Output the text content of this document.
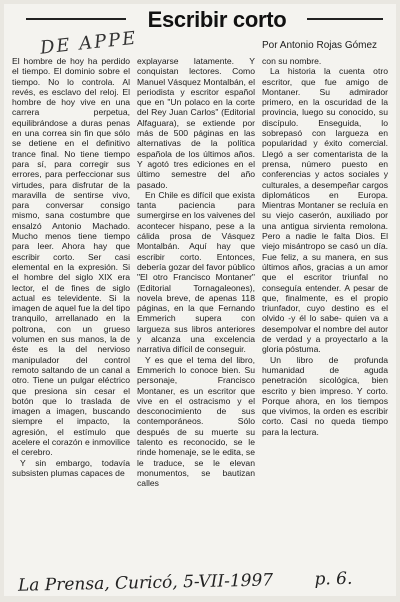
Escribir corto
DE APPE	Por Antonio Rojas Gómez

El hombre de hoy ha perdido el tiempo. El dominio sobre el tiempo. No lo controla. Al revés, es esclavo del reloj. El hombre de hoy vive en una carrera perpetua, equilibrándose a duras penas en una correa sin fin que sólo se detiene en el definitivo trance final. No tiene tiempo para sí, para corregir sus errores, para perfeccionar sus virtudes, para disfrutar de la maravilla de sentirse vivo, para conversar consigo mismo, sana costumbre que ensalzó Antonio Machado. Mucho menos tiene tiempo para leer. Ahora hay que escribir corto. Ser casi elemental en la expresión. Si el hombre del siglo XIX era lector, el de fines de siglo actual es televidente. Si la imagen de aquel fue la del tipo tranquilo, arrellanado en la poltrona, con un grueso volumen en sus manos, la de éste es la del nervioso manipulador del control remoto saltando de un canal a otro. Tiene un pulgar eléctrico que presiona sin cesar el botón que lo traslada de imagen a imagen, buscando siempre el impacto, la agresión, el estímulo que acelere el corazón e inmovilice el cerebro.

Y sin embargo, todavía subsisten plumas capaces de

explayarse latamente. Y conquistan lectores. Como Manuel Vásquez Montalbán, el periodista y escritor español que en "Un polaco en la corte del Rey Juan Carlos" (Editorial Alfaguara), se extiende por más de 500 páginas en las alternativas de la política española de los últimos años. Y agotó tres ediciones en el último semestre del año pasado.

En Chile es difícil que exista tanta paciencia para sumergirse en los vaivenes del acontecer hispano, pese a la cálida prosa de Vásquez Montalbán. Aquí hay que escribir corto. Entonces, debería gozar del favor público "El otro Francisco Montaner" (Editorial Tornagaleones), novela breve, de apenas 118 páginas, en la que Fernando Emmerich supera con largueza sus libros anteriores y alcanza una excelencia narrativa difícil de conseguir.

Y es que el tema del libro, Emmerich lo conoce bien. Su personaje, Francisco Montaner, es un escritor que vive en el ostracismo y el desconocimiento de sus contemporáneos. Sólo después de su muerte su talento es reconocido, se le rinde homenaje, se le edita, se le traduce, se le elevan monumentos, se bautizan calles

con su nombre.

La historia la cuenta otro escritor, que fue amigo de Montaner. Su admirador primero, en la oscuridad de la provincia, luego su conocido, su discípulo. Enseguida, lo sobrepasó con largueza en popularidad y éxito comercial. Llegó a ser comentarista de la prensa, número puesto en conferencias y actos sociales y culturales, a desempeñar cargos diplomáticos en Europa. Mientras Montaner se recluía en su viejo caserón, auxiliado por una antigua sirvienta remolona. Pero a nadie le falta Dios. El viejo misántropo se casó un día. Fue feliz, a su manera, en sus últimos años, gracias a un amor que el escritor triunfal no conseguía entender. A pesar de que, finalmente, es el propio triunfador, cuyo destino es el olvido -y él lo sabe- quien va a desempolvar el nombre del autor de verdad y a proyectarlo a la gloria póstuma.

Un libro de profunda humanidad de aguda penetración sicológica, bien escrito y bien impreso. Y corto. Porque ahora, en los tiempos que vivimos, la orden es escribir corto. Casi no queda tiempo para la lectura.

La Prensa, Curicó, 5-VII-1997 p. 6.
